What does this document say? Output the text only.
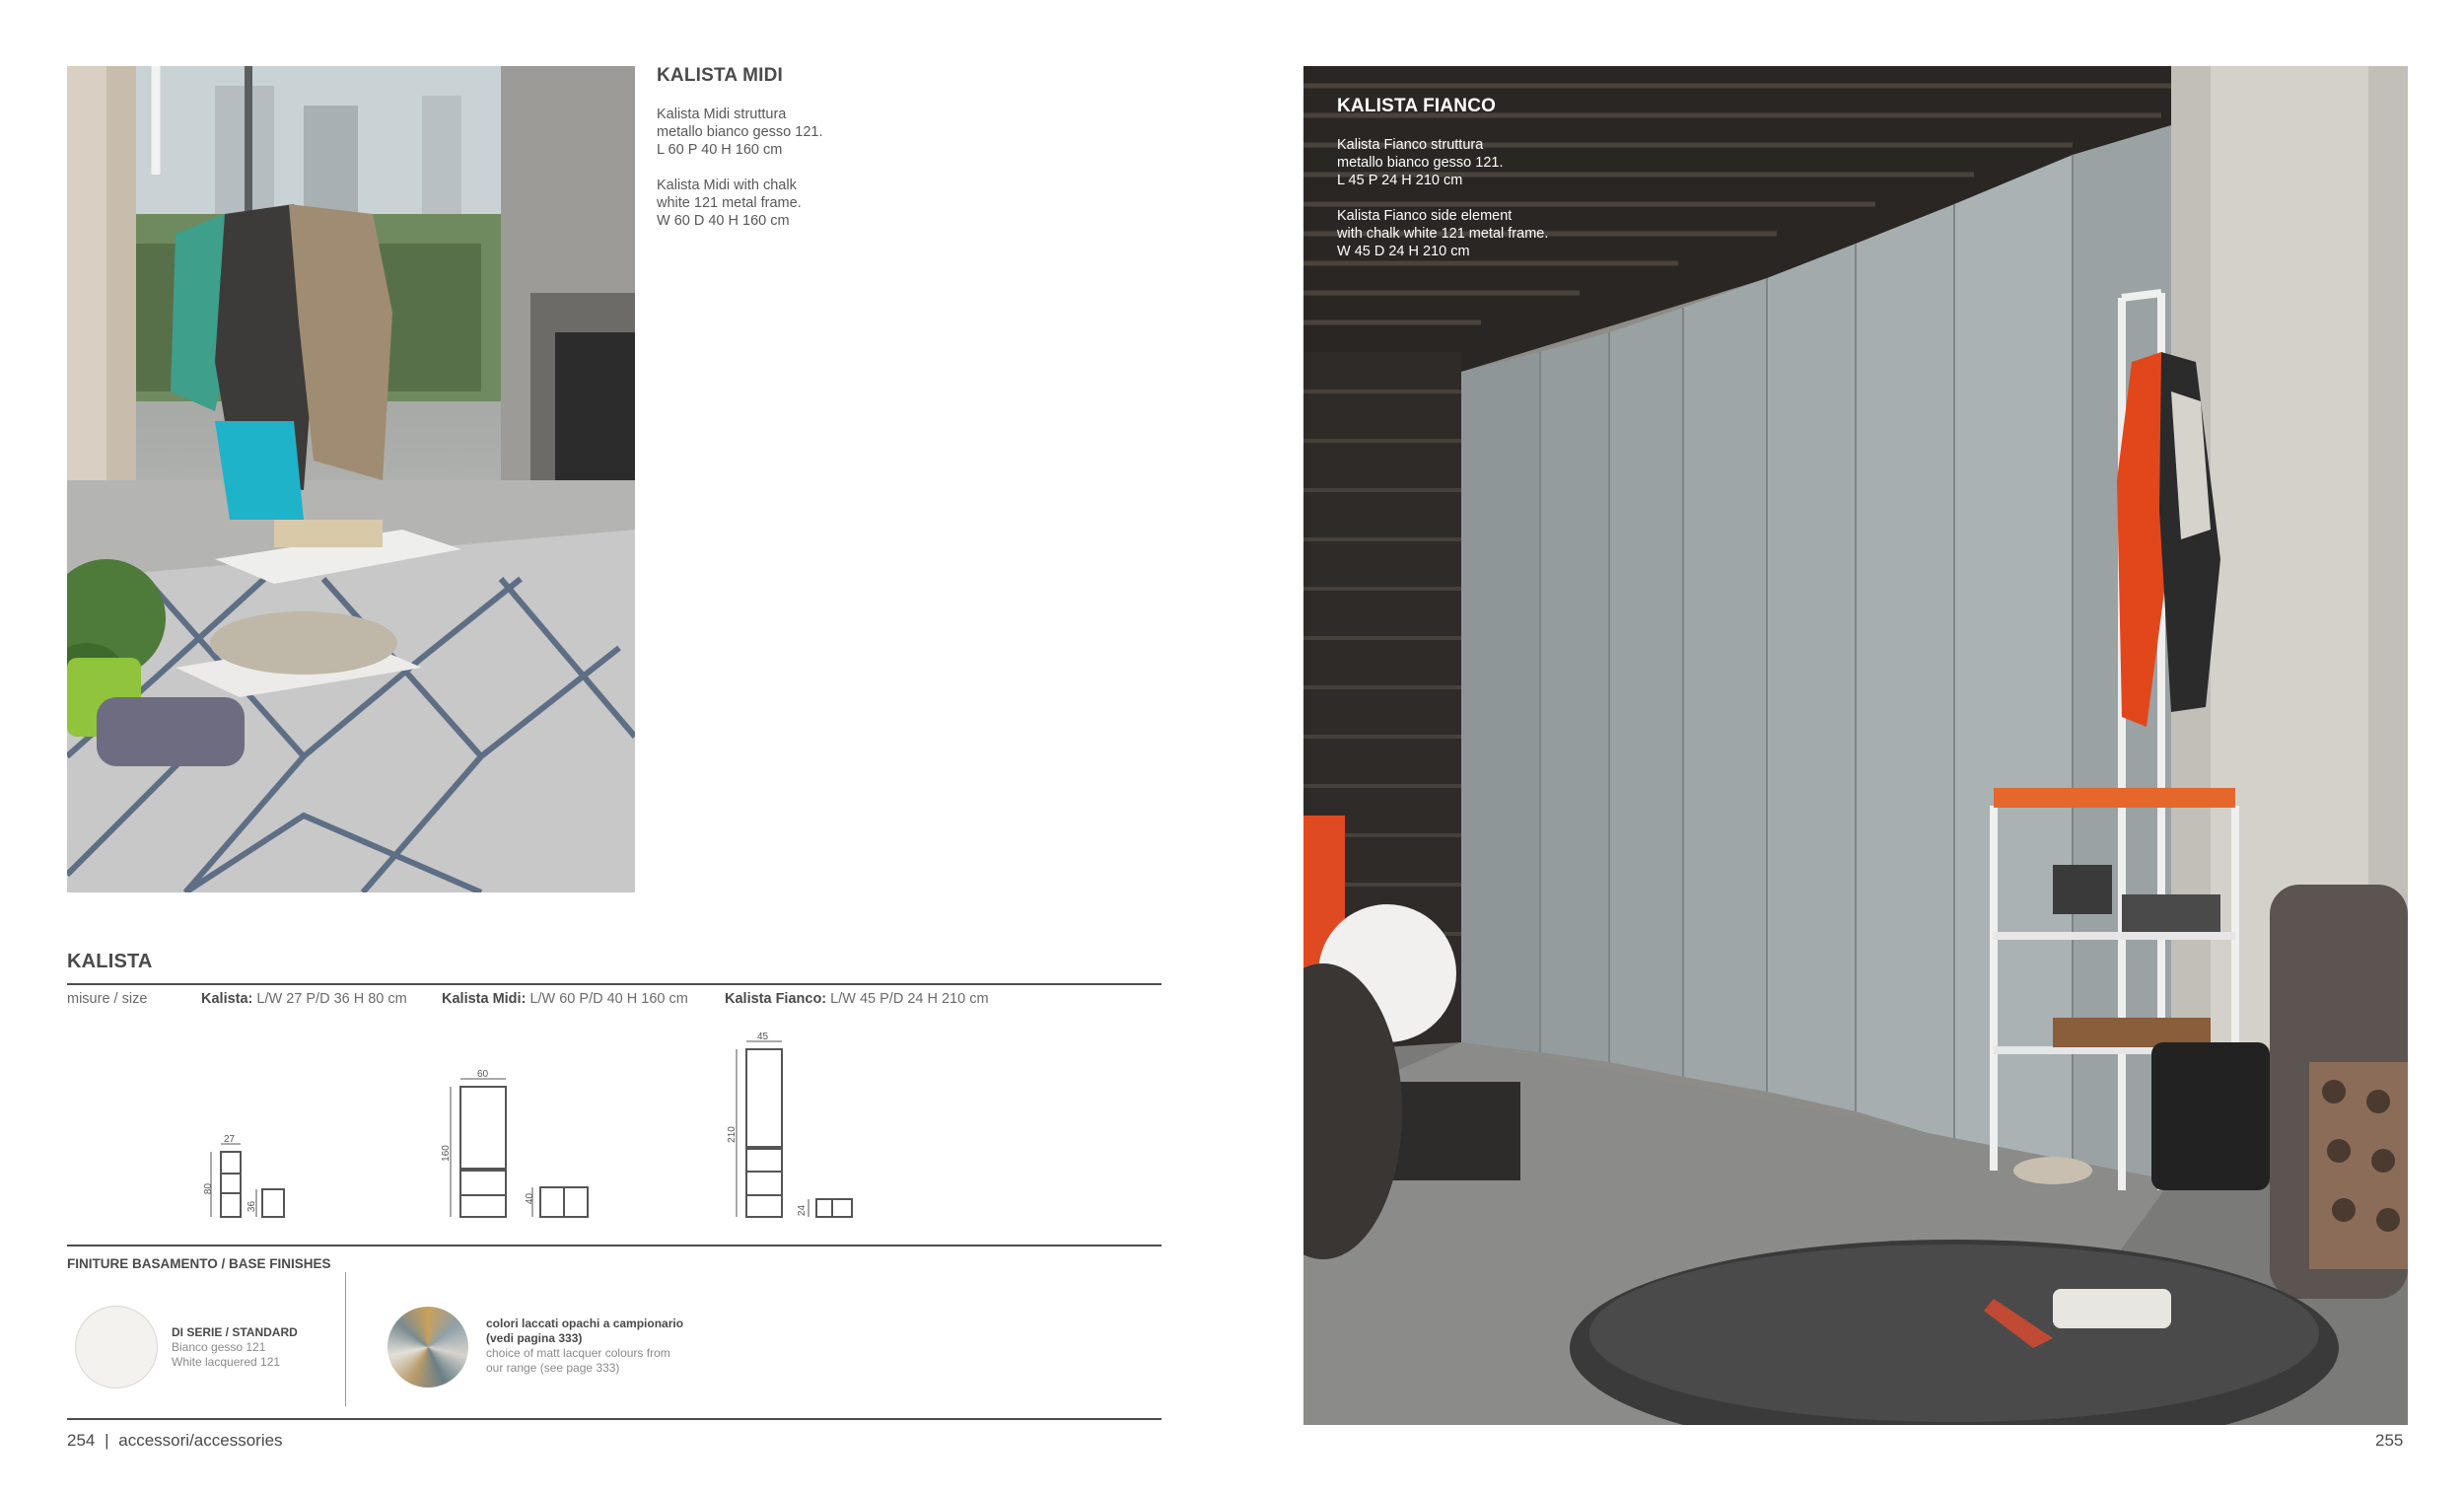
KALISTA MIDI

Kalista Midi struttura

metallo bianco gesso 121.

L 60 P 40 H 160 cm

Kalista Midi with chalk

white 121 metal frame.

W 60 D 40 H 160 cm

KALISTA
misure / size	Kalista: L/W 27 P/D 36 H 80 cm Kalista Midi: L/W 60 P/D 40 H 160 cm	Kalista Fianco: L/W 45 P/D 24 H 210 cm
27
80
36
60
160
40
45
210
24
FINITURE BASAMENTO / BASE FINISHES
DI SERIE / STANDARD
Bianco gesso 121
White lacquered 121
colori laccati opachi a campionario
(vedi pagina 333)
choice of matt lacquer colours from
our range (see page 333)
254 | accessori/accessories
KALISTA FIANCO

Kalista Fianco struttura

metallo bianco gesso 121.

L 45 P 24 H 210 cm

Kalista Fianco side element

with chalk white 121 metal frame.

W 45 D 24 H 210 cm

255
